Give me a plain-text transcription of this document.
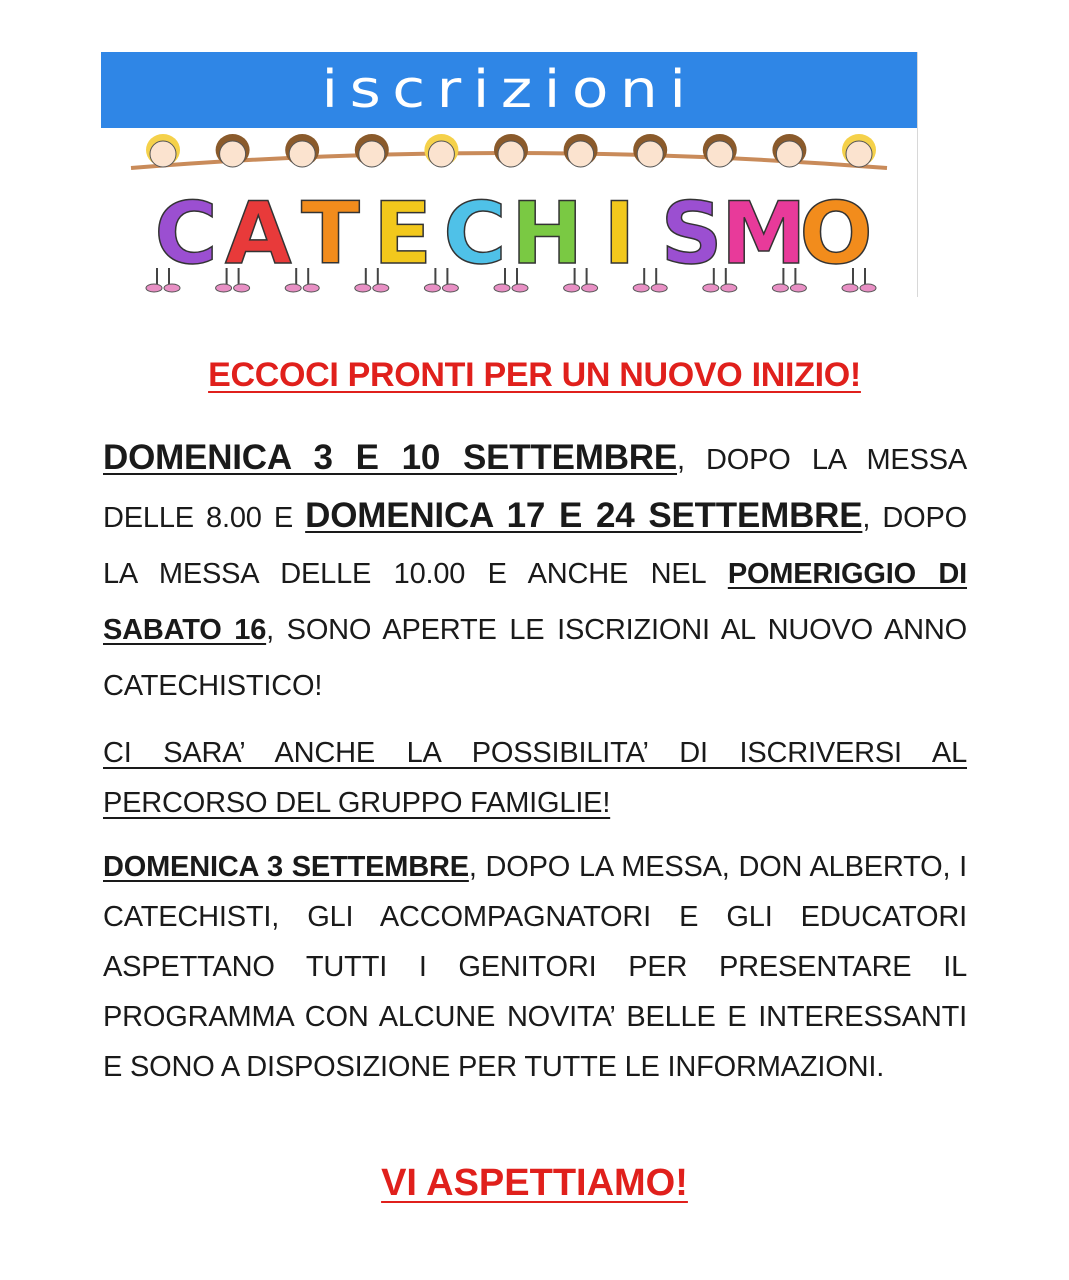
iscrizioni
C A T E C H I S
M
O
ECCOCI PRONTI PER UN NUOVO INIZIO!

DOMENICA 3 E 10 SETTEMBRE, DOPO LA MESSA DELLE 8.00 E DOMENICA 17 E 24 SETTEMBRE, DOPO LA MESSA DELLE 10.00 E ANCHE NEL POMERIGGIO DI SABATO 16, SONO APERTE LE ISCRIZIONI AL NUOVO ANNO CATECHISTICO!

CI SARA’ ANCHE LA POSSIBILITA’ DI ISCRIVERSI AL PERCORSO DEL GRUPPO FAMIGLIE!

DOMENICA 3 SETTEMBRE, DOPO LA MESSA, DON ALBERTO, I CATECHISTI, GLI ACCOMPAGNATORI E GLI EDUCATORI ASPETTANO TUTTI I GENITORI PER PRESENTARE IL PROGRAMMA CON ALCUNE NOVITA’ BELLE E INTERESSANTI E SONO A DISPOSIZIONE PER TUTTE LE INFORMAZIONI.

VI ASPETTIAMO!
